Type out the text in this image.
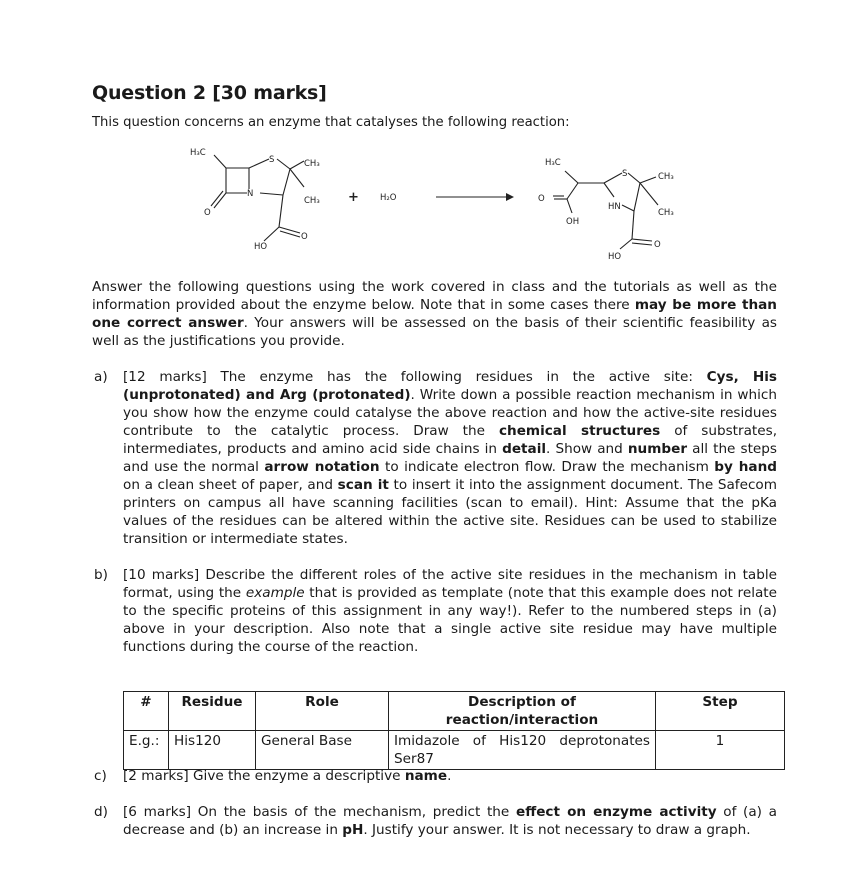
Question 2 [30 marks]
This question concerns an enzyme that catalyses the following reaction:
H₃C
S	CH₃
CH₃
N
O
HO
O
+ H₂O
H₃C
S	CH₃
CH₃
HN
O
OH
HO
O
Answer the following questions using the work covered in class and the tutorials as well as the information provided about the enzyme below. Note that in some cases there may be more than one correct answer. Your answers will be assessed on the basis of their scientific feasibility as well as the justifications you provide.
a) [12 marks] The enzyme has the following residues in the active site: Cys, His (unprotonated) and Arg (protonated). Write down a possible reaction mechanism in which you show how the enzyme could catalyse the above reaction and how the active-site residues contribute to the catalytic process. Draw the chemical structures of substrates, intermediates, products and amino acid side chains in detail. Show and number all the steps and use the normal arrow notation to indicate electron flow. Draw the mechanism by hand on a clean sheet of paper, and scan it to insert it into the assignment document. The Safecom printers on campus all have scanning facilities (scan to email). Hint: Assume that the pKa values of the residues can be altered within the active site. Residues can be used to stabilize transition or intermediate states.
b) [10 marks] Describe the different roles of the active site residues in the mechanism in table format, using the example that is provided as template (note that this example does not relate to the specific proteins of this assignment in any way!). Refer to the numbered steps in (a) above in your description. Also note that a single active site residue may have multiple functions during the course of the reaction.
#	Residue	Role	Description of reaction/interaction	Step
E.g.:	His120	General Base	Imidazole of His120 deprotonates Ser87	1
c) [2 marks] Give the enzyme a descriptive name.
d) [6 marks] On the basis of the mechanism, predict the effect on enzyme activity of (a) a decrease and (b) an increase in pH. Justify your answer. It is not necessary to draw a graph.
